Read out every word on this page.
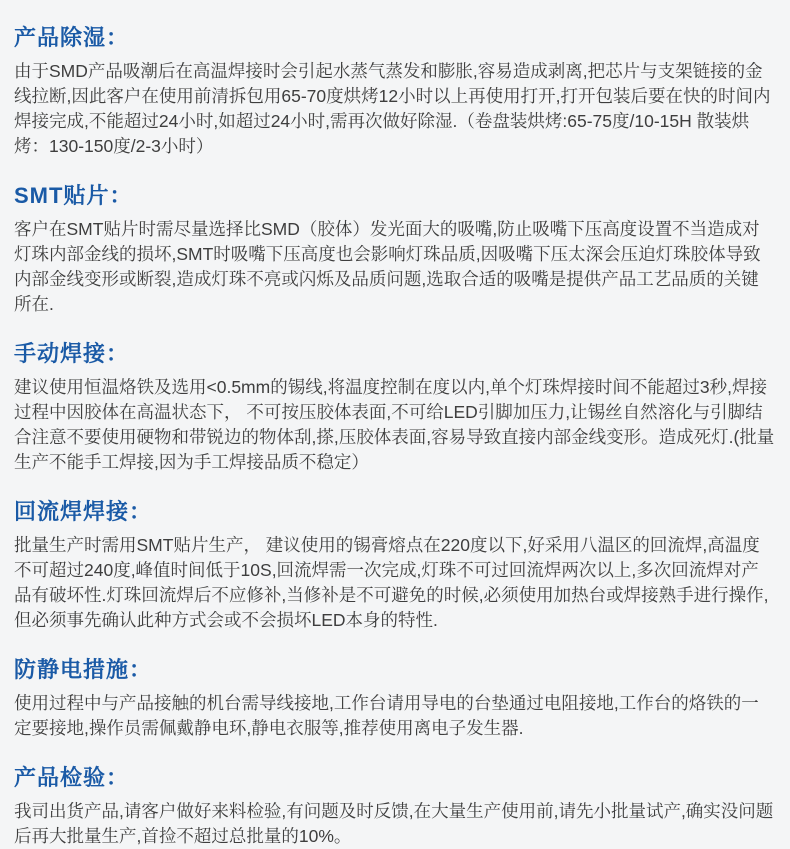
产品除湿：

由于SMD产品吸潮后在高温焊接时会引起水蒸气蒸发和膨胀,容易造成剥离,把芯片与支架链接的金线拉断,因此客户在使用前清拆包用65-70度烘烤12小时以上再使用打开,打开包装后要在快的时间内焊接完成,不能超过24小时,如超过24小时,需再次做好除湿.（卷盘装烘烤:65-75度/10-15H 散装烘烤：130-150度/2-3小时）

SMT贴片：

客户在SMT贴片时需尽量选择比SMD（胶体）发光面大的吸嘴,防止吸嘴下压高度设置不当造成对灯珠内部金线的损坏,SMT时吸嘴下压高度也会影响灯珠品质,因吸嘴下压太深会压迫灯珠胶体导致内部金线变形或断裂,造成灯珠不亮或闪烁及品质问题,选取合适的吸嘴是提供产品工艺品质的关键所在.

手动焊接：

建议使用恒温烙铁及选用<0.5mm的锡线,将温度控制在度以内,单个灯珠焊接时间不能超过3秒,焊接过程中因胶体在高温状态下， 不可按压胶体表面,不可给LED引脚加压力,让锡丝自然溶化与引脚结合注意不要使用硬物和带锐边的物体刮,搽,压胶体表面,容易导致直接内部金线变形。造成死灯.(批量生产不能手工焊接,因为手工焊接品质不稳定）

回流焊焊接：

批量生产时需用SMT贴片生产， 建议使用的锡膏熔点在220度以下,好采用八温区的回流焊,高温度不可超过240度,峰值时间低于10S,回流焊需一次完成,灯珠不可过回流焊两次以上,多次回流焊对产品有破坏性.灯珠回流焊后不应修补,当修补是不可避免的时候,必须使用加热台或焊接熟手进行操作,但必须事先确认此种方式会或不会损坏LED本身的特性.

防静电措施：

使用过程中与产品接触的机台需导线接地,工作台请用导电的台垫通过电阻接地,工作台的烙铁的一定要接地,操作员需佩戴静电环,静电衣服等,推荐使用离电子发生器.

产品检验：

我司出货产品,请客户做好来料检验,有问题及时反馈,在大量生产使用前,请先小批量试产,确实没问题后再大批量生产,首捡不超过总批量的10%。
